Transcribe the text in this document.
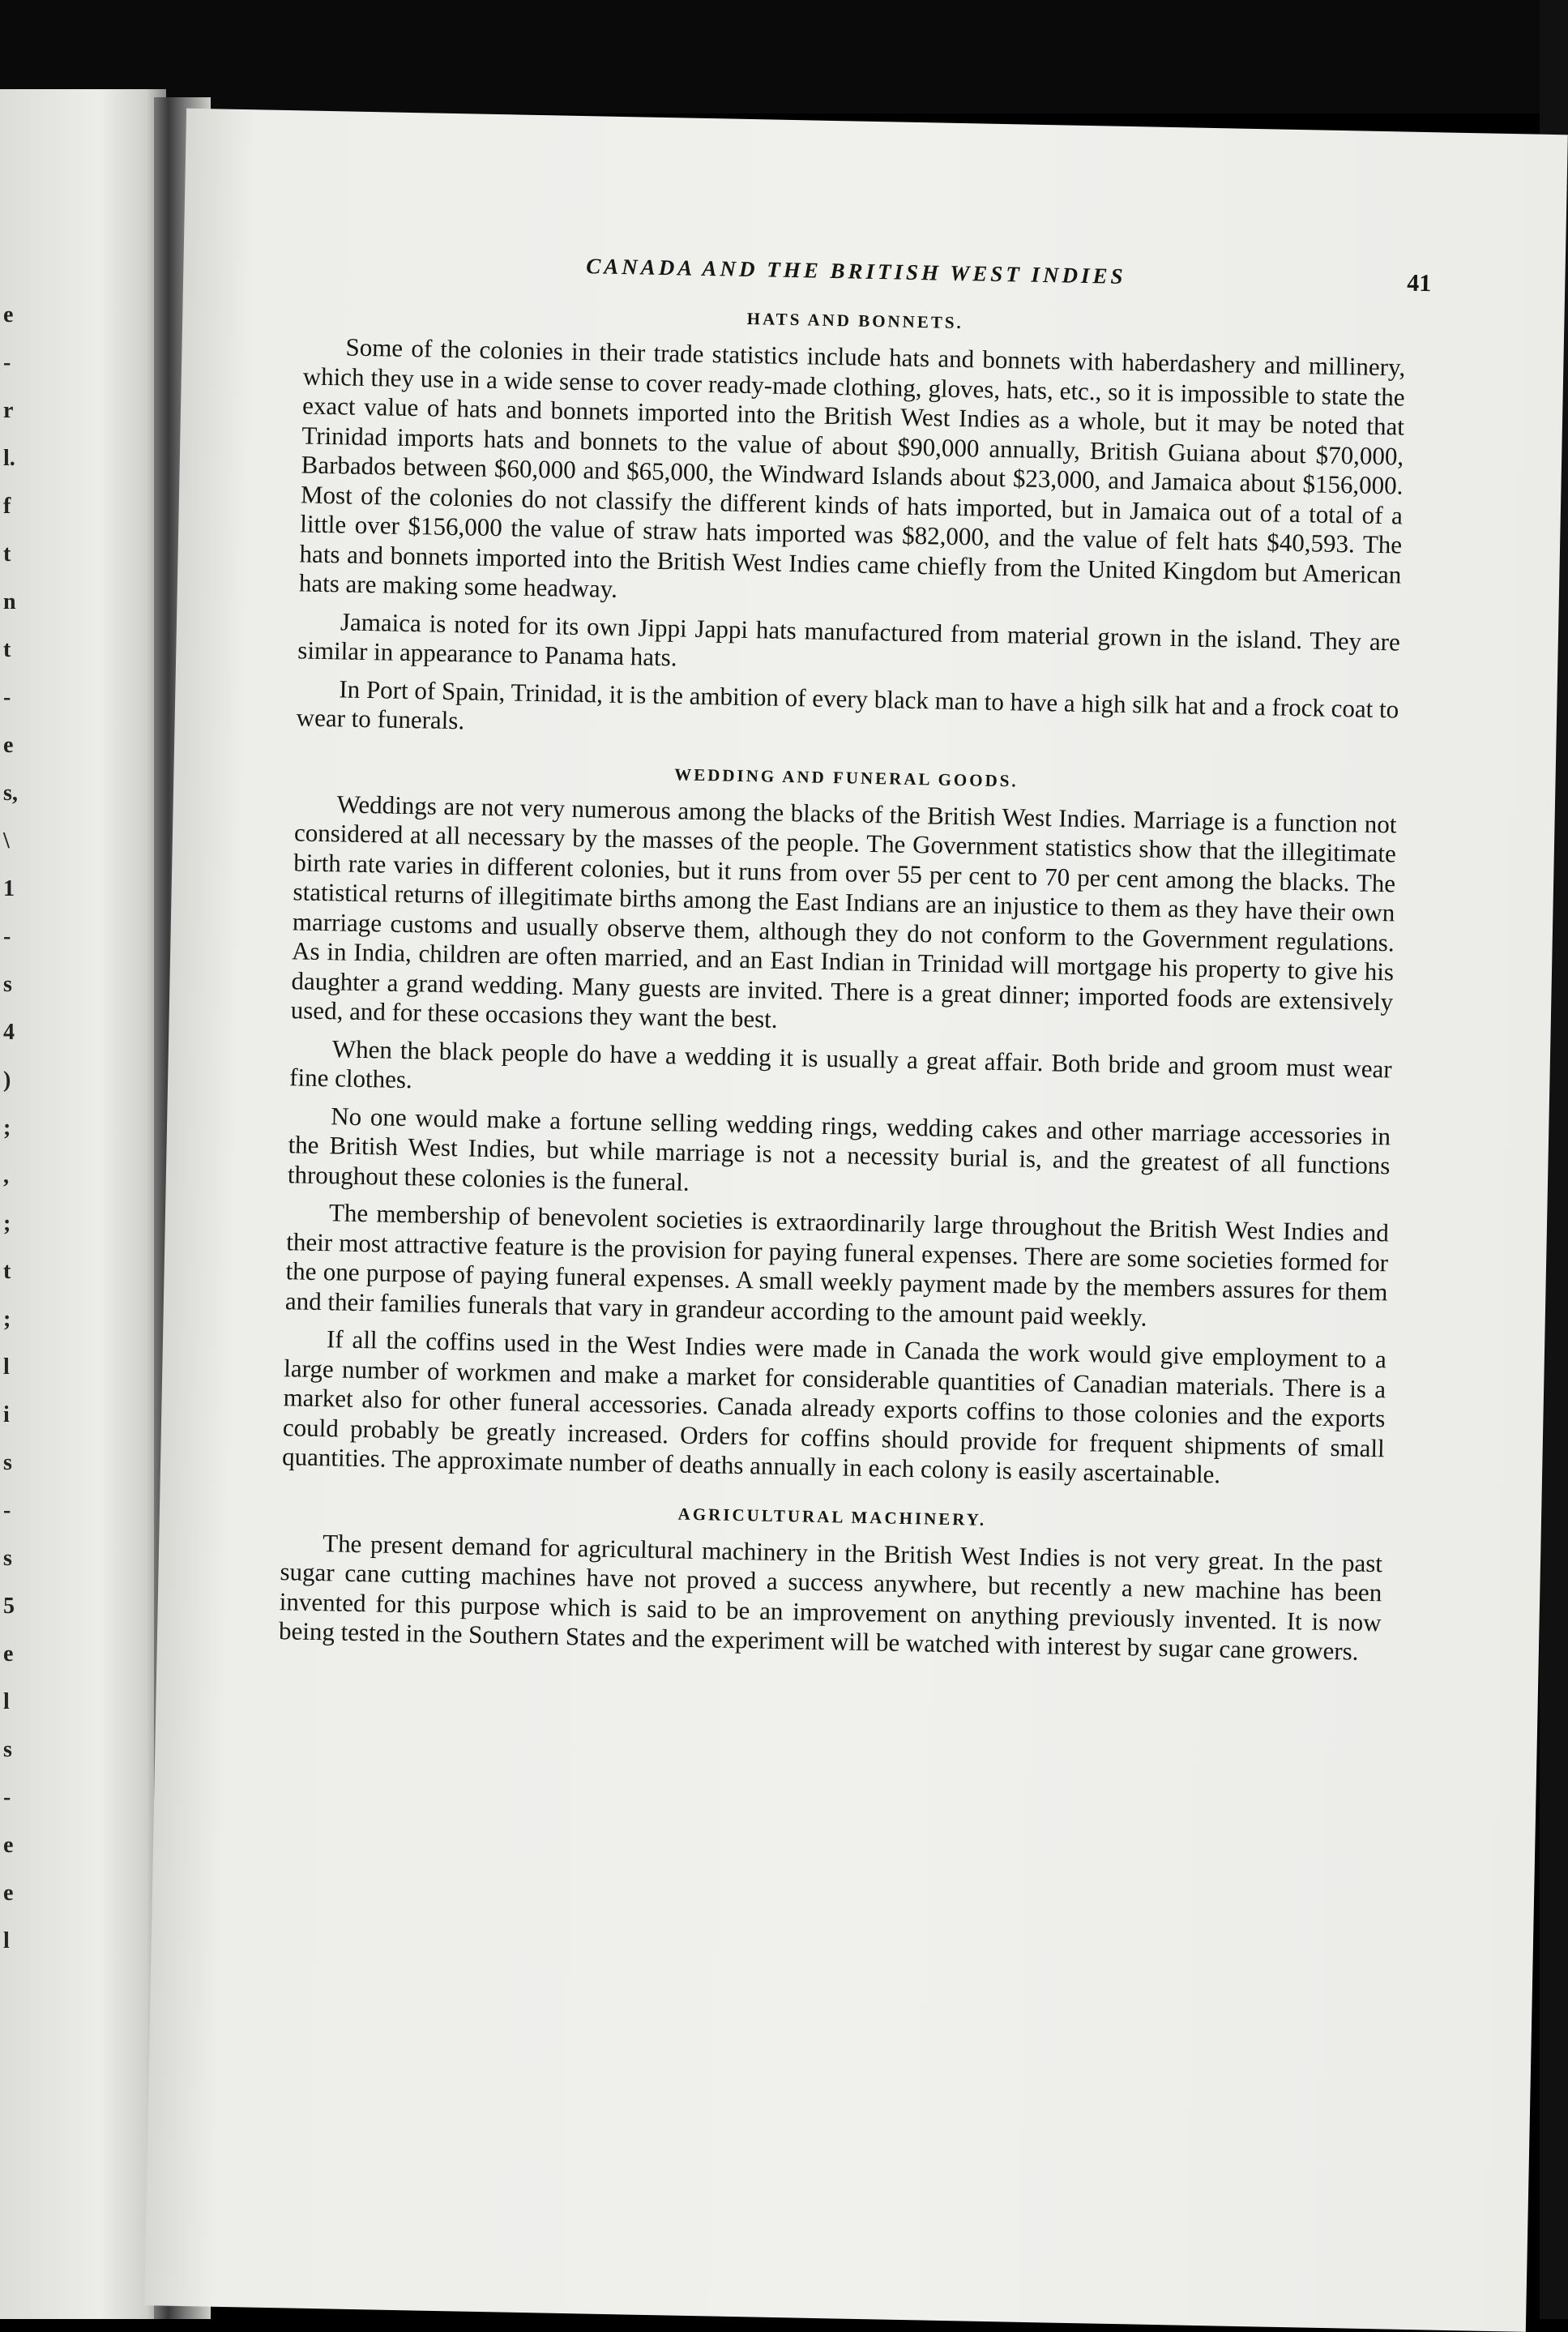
e
-
r
l.
f
t
n
t
-
e
s,
\
1
-
s
4
)
;
,
;
t
;
l
i
s
-
s
5
e
l
s
-
e
e
l
CANADA AND THE BRITISH WEST INDIES	41
HATS AND BONNETS.

Some of the colonies in their trade statistics include hats and bonnets with haberdashery and millinery, which they use in a wide sense to cover ready-made clothing, gloves, hats, etc., so it is impossible to state the exact value of hats and bonnets imported into the British West Indies as a whole, but it may be noted that Trinidad imports hats and bonnets to the value of about $90,000 annually, British Guiana about $70,000, Barbados between $60,000 and $65,000, the Windward Islands about $23,000, and Jamaica about $156,000. Most of the colonies do not classify the different kinds of hats imported, but in Jamaica out of a total of a little over $156,000 the value of straw hats imported was $82,000, and the value of felt hats $40,593. The hats and bonnets imported into the British West Indies came chiefly from the United Kingdom but American hats are making some headway.

Jamaica is noted for its own Jippi Jappi hats manufactured from material grown in the island. They are similar in appearance to Panama hats.

In Port of Spain, Trinidad, it is the ambition of every black man to have a high silk hat and a frock coat to wear to funerals.

WEDDING AND FUNERAL GOODS.

Weddings are not very numerous among the blacks of the British West Indies. Marriage is a function not considered at all necessary by the masses of the people. The Government statistics show that the illegitimate birth rate varies in different colonies, but it runs from over 55 per cent to 70 per cent among the blacks. The statistical returns of illegitimate births among the East Indians are an injustice to them as they have their own marriage customs and usually observe them, although they do not conform to the Government regulations. As in India, children are often married, and an East Indian in Trinidad will mortgage his property to give his daughter a grand wedding. Many guests are invited. There is a great dinner; imported foods are extensively used, and for these occasions they want the best.

When the black people do have a wedding it is usually a great affair. Both bride and groom must wear fine clothes.

No one would make a fortune selling wedding rings, wedding cakes and other marriage accessories in the British West Indies, but while marriage is not a necessity burial is, and the greatest of all functions throughout these colonies is the funeral.

The membership of benevolent societies is extraordinarily large throughout the British West Indies and their most attractive feature is the provision for paying funeral expenses. There are some societies formed for the one purpose of paying funeral expenses. A small weekly payment made by the members assures for them and their families funerals that vary in grandeur according to the amount paid weekly.

If all the coffins used in the West Indies were made in Canada the work would give employment to a large number of workmen and make a market for considerable quantities of Canadian materials. There is a market also for other funeral accessories. Canada already exports coffins to those colonies and the exports could probably be greatly increased. Orders for coffins should provide for frequent shipments of small quantities. The approximate number of deaths annually in each colony is easily ascertainable.

AGRICULTURAL MACHINERY.

The present demand for agricultural machinery in the British West Indies is not very great. In the past sugar cane cutting machines have not proved a success anywhere, but recently a new machine has been invented for this purpose which is said to be an improvement on anything previously invented. It is now being tested in the Southern States and the experiment will be watched with interest by sugar cane growers.
